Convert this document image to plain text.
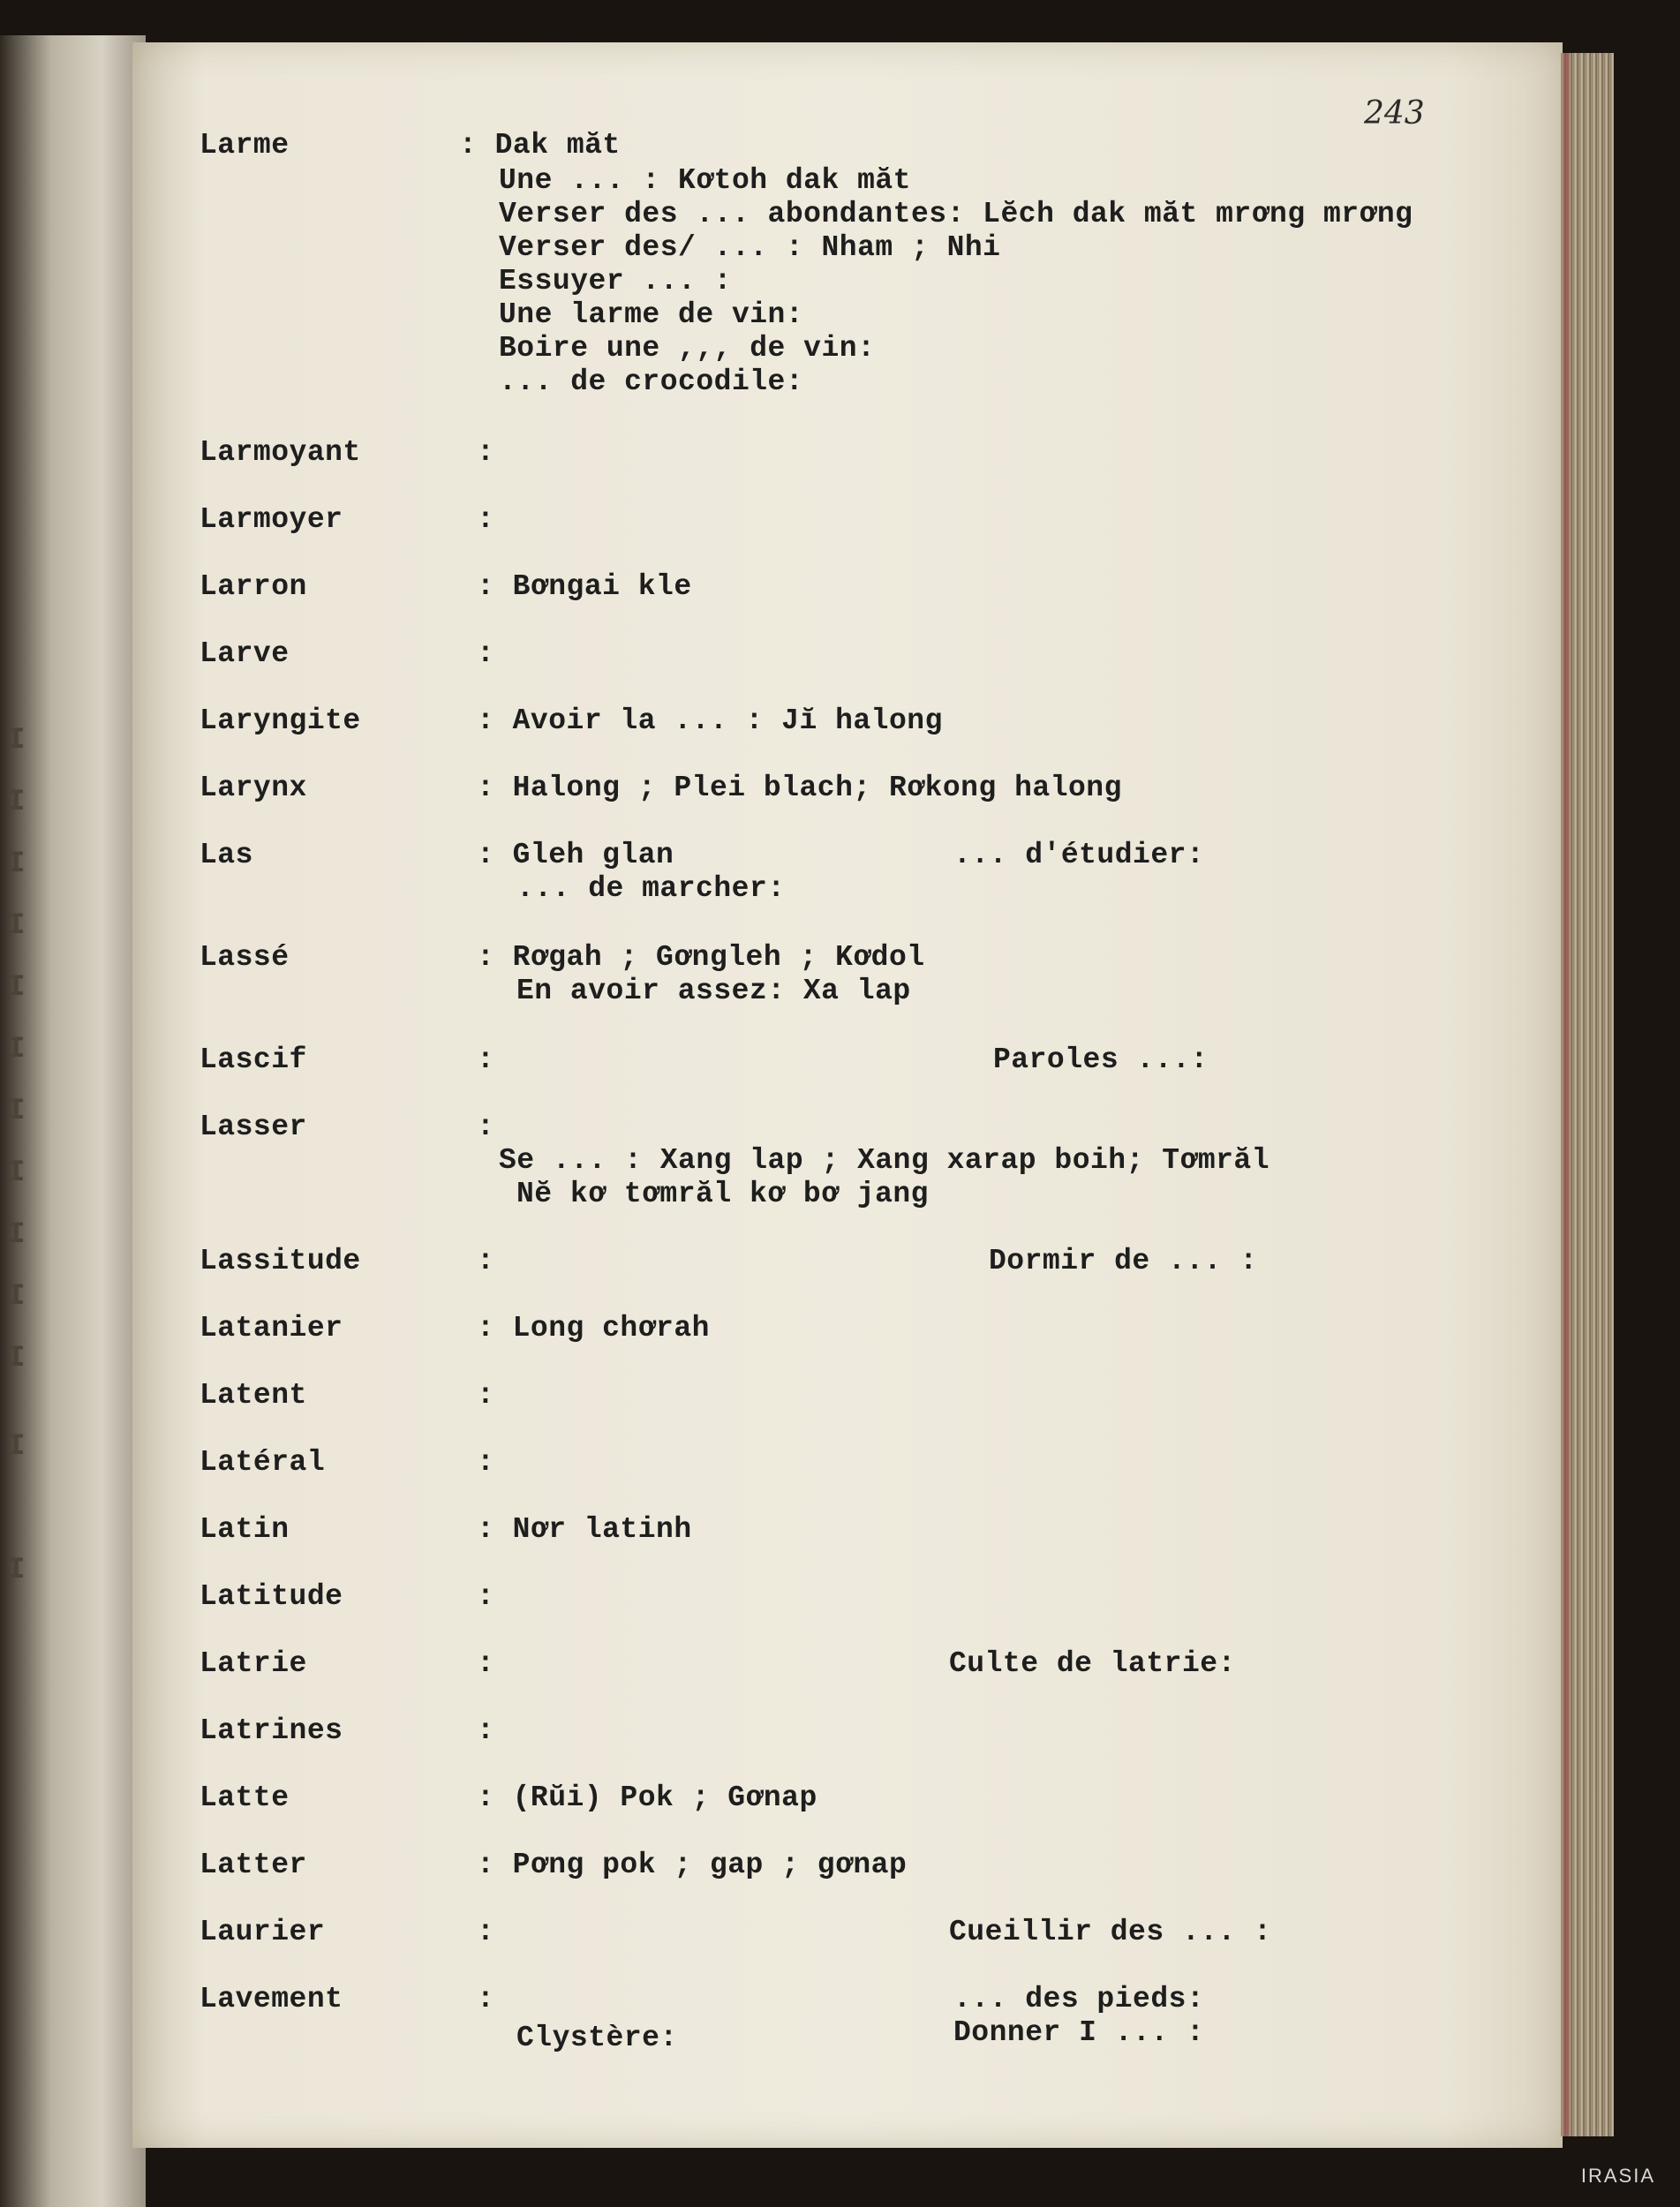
I
I
I
I
I
I
I
I
I
I
I
I
I
243
Larme	: Dak măt
Une ... : Kơtoh dak măt
Verser des ... abondantes: Lĕch dak măt mrơng mrơng
Verser des/ ... : Nham ; Nhi
Essuyer ... :
Une larme de vin:
Boire une ,,, de vin:
... de crocodile:
Larmoyant	:
Larmoyer	:
Larron	: Bơngai kle
Larve	:
Laryngite	: Avoir la ... : Jĭ halong
Larynx	: Halong ; Plei blach; Rơkong halong
Las	: Gleh glan	... d'étudier:
... de marcher:
Lassé	: Rơgah ; Gơngleh ; Kơdol
En avoir assez: Xa lap
Lascif	:	Paroles ...:
Lasser	:
Se ... : Xang lap ; Xang xarap boih; Tơmrăl
Nĕ kơ tơmrăl kơ bơ jang
Lassitude	:	Dormir de ... :
Latanier	: Long chơrah
Latent	:
Latéral	:
Latin	: Nơr latinh
Latitude	:
Latrie	:	Culte de latrie:
Latrines	:
Latte	: (Rŭi) Pok ; Gơnap
Latter	: Pơng pok ; gap ; gơnap
Laurier	:	Cueillir des ... :
Lavement	:	... des pieds:
Clystère:	Donner I ... :
IRASIA
